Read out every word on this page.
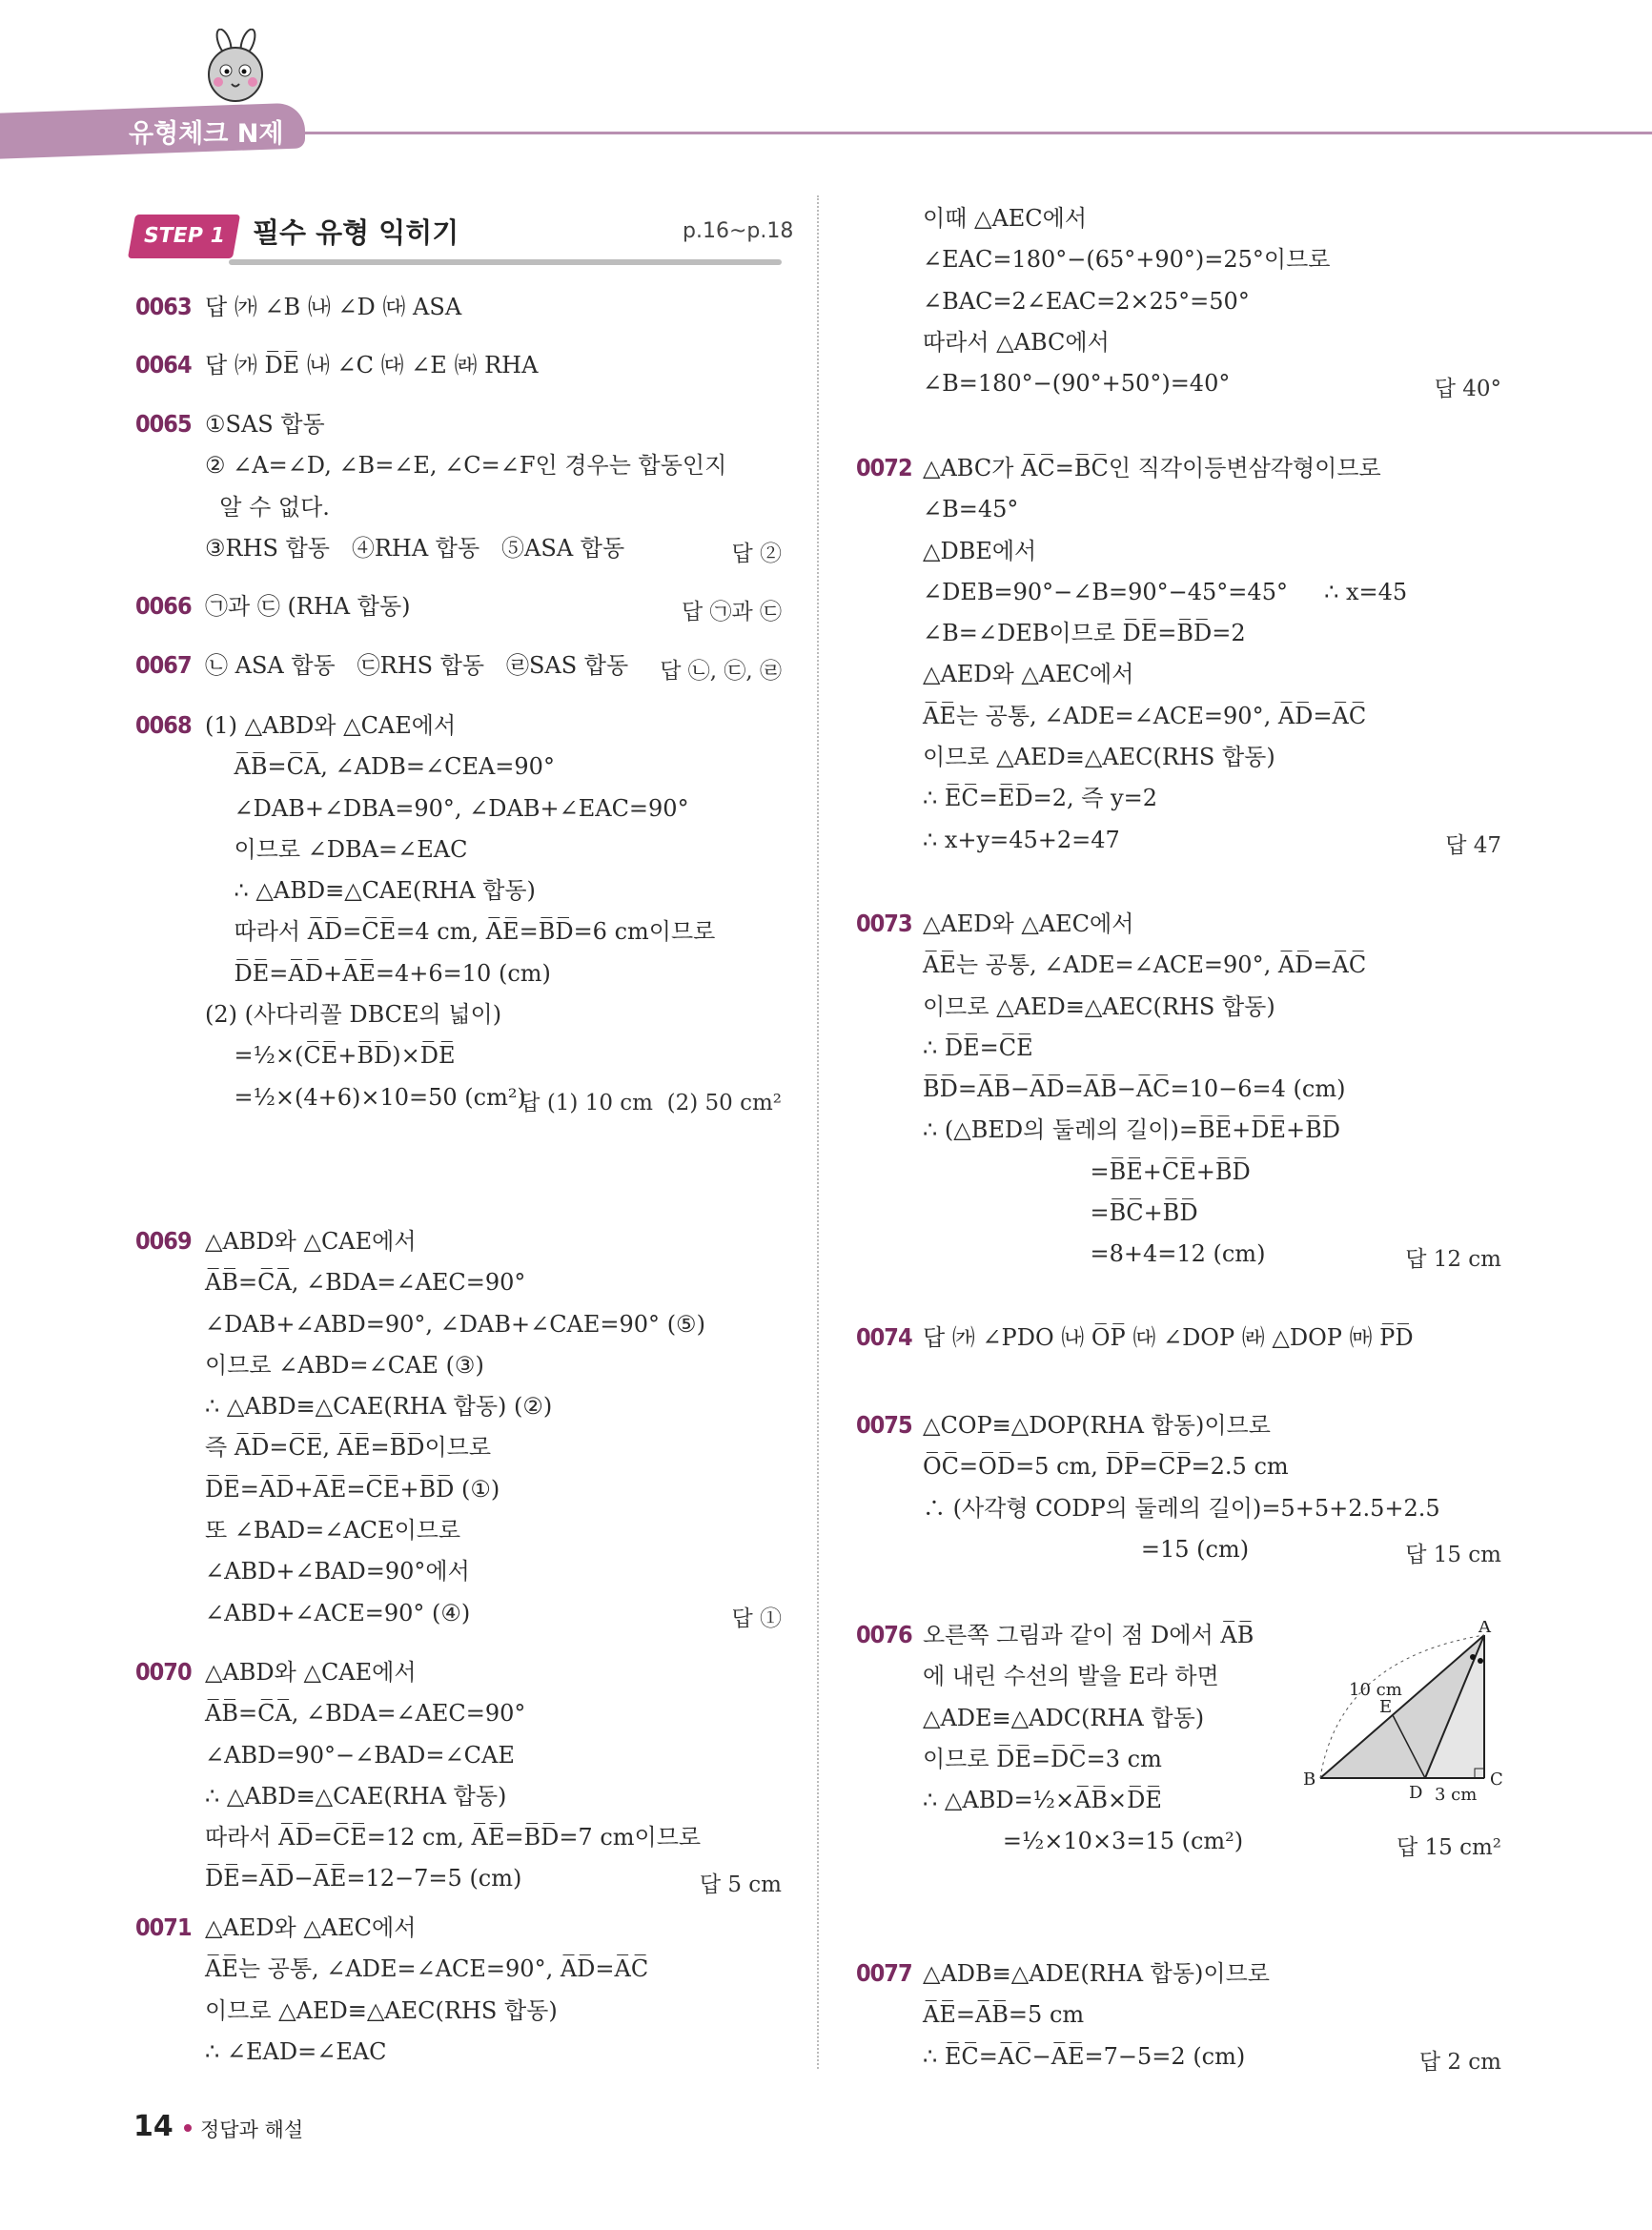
유형체크 N제
STEP 1 필수 유형 익히기	p.16~p.18
0063 답 ㈎ ∠B ㈏ ∠D ㈐ ASA
0064 답 ㈎ D̅E̅ ㈏ ∠C ㈐ ∠E ㈑ RHA
0065 ①SAS 합동
② ∠A=∠D, ∠B=∠E, ∠C=∠F인 경우는 합동인지
알 수 없다.
③RHS 합동   ④RHA 합동   ⑤ASA 합동	답 ②
0066 ㉠과 ㉢ (RHA 합동)	답 ㉠과 ㉢
0067 ㉡ ASA 합동   ㉢RHS 합동   ㉣SAS 합동 답 ㉡, ㉢, ㉣
0068 (1) △ABD와 △CAE에서
A̅B̅=C̅A̅, ∠ADB=∠CEA=90°
∠DAB+∠DBA=90°, ∠DAB+∠EAC=90°
이므로 ∠DBA=∠EAC
∴ △ABD≡△CAE(RHA 합동)
따라서 A̅D̅=C̅E̅=4 cm, A̅E̅=B̅D̅=6 cm이므로
D̅E̅=A̅D̅+A̅E̅=4+6=10 (cm)
(2) (사다리꼴 DBCE의 넓이)
=½×(C̅E̅+B̅D̅)×D̅E̅
=½×(4+6)×10=50 (cm²)
답 (1) 10 cm  (2) 50 cm²
0069 △ABD와 △CAE에서
A̅B̅=C̅A̅, ∠BDA=∠AEC=90°
∠DAB+∠ABD=90°, ∠DAB+∠CAE=90° (⑤)
이므로 ∠ABD=∠CAE (③)
∴ △ABD≡△CAE(RHA 합동) (②)
즉 A̅D̅=C̅E̅, A̅E̅=B̅D̅이므로
D̅E̅=A̅D̅+A̅E̅=C̅E̅+B̅D̅ (①)
또 ∠BAD=∠ACE이므로
∠ABD+∠BAD=90°에서
∠ABD+∠ACE=90° (④)	답 ①
0070 △ABD와 △CAE에서
A̅B̅=C̅A̅, ∠BDA=∠AEC=90°
∠ABD=90°−∠BAD=∠CAE
∴ △ABD≡△CAE(RHA 합동)
따라서 A̅D̅=C̅E̅=12 cm, A̅E̅=B̅D̅=7 cm이므로
D̅E̅=A̅D̅−A̅E̅=12−7=5 (cm)	답 5 cm
0071 △AED와 △AEC에서
A̅E̅는 공통, ∠ADE=∠ACE=90°, A̅D̅=A̅C̅
이므로 △AED≡△AEC(RHS 합동)
∴ ∠EAD=∠EAC
이때 △AEC에서
∠EAC=180°−(65°+90°)=25°이므로
∠BAC=2∠EAC=2×25°=50°
따라서 △ABC에서
∠B=180°−(90°+50°)=40°	답 40°
0072 △ABC가 A̅C̅=B̅C̅인 직각이등변삼각형이므로
∠B=45°
△DBE에서
∠DEB=90°−∠B=90°−45°=45°     ∴ x=45
∠B=∠DEB이므로 D̅E̅=B̅D̅=2
△AED와 △AEC에서
A̅E̅는 공통, ∠ADE=∠ACE=90°, A̅D̅=A̅C̅
이므로 △AED≡△AEC(RHS 합동)
∴ E̅C̅=E̅D̅=2, 즉 y=2
∴ x+y=45+2=47	답 47
0073 △AED와 △AEC에서
A̅E̅는 공통, ∠ADE=∠ACE=90°, A̅D̅=A̅C̅
이므로 △AED≡△AEC(RHS 합동)
∴ D̅E̅=C̅E̅
B̅D̅=A̅B̅−A̅D̅=A̅B̅−A̅C̅=10−6=4 (cm)
∴ (△BED의 둘레의 길이)=B̅E̅+D̅E̅+B̅D̅
=B̅E̅+C̅E̅+B̅D̅
=B̅C̅+B̅D̅
=8+4=12 (cm)	답 12 cm
0074 답 ㈎ ∠PDO ㈏ O̅P̅ ㈐ ∠DOP ㈑ △DOP ㈒ P̅D̅
0075 △COP≡△DOP(RHA 합동)이므로
O̅C̅=O̅D̅=5 cm, D̅P̅=C̅P̅=2.5 cm
∴ (사각형 CODP의 둘레의 길이)=5+5+2.5+2.5
=15 (cm)	답 15 cm
0076 오른쪽 그림과 같이 점 D에서 A̅B̅
에 내린 수선의 발을 E라 하면
△ADE≡△ADC(RHA 합동)
이므로 D̅E̅=D̅C̅=3 cm
∴ △ABD=½×A̅B̅×D̅E̅
=½×10×3=15 (cm²)	답 15 cm²
0077 △ADB≡△ADE(RHA 합동)이므로
A̅E̅=A̅B̅=5 cm
∴ E̅C̅=A̅C̅−A̅E̅=7−5=2 (cm)	답 2 cm
A
B	C
D
E
10 cm
3 cm
14 정답과 해설
